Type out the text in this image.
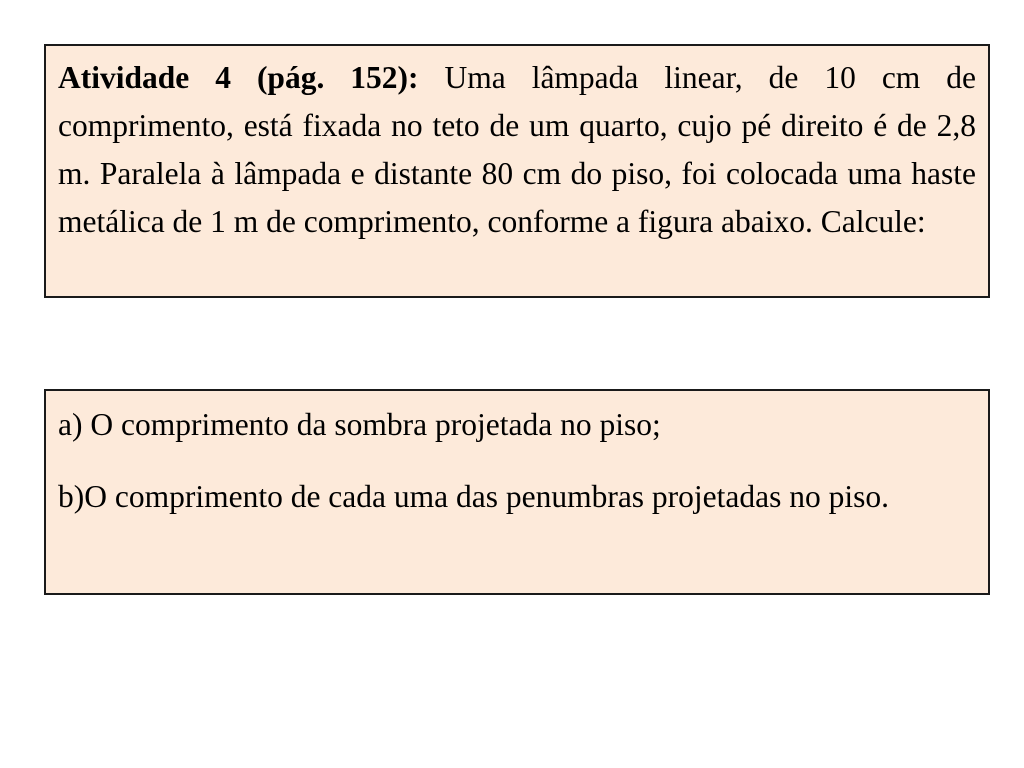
Atividade 4 (pág. 152): Uma lâmpada linear, de 10 cm de comprimento, está fixada no teto de um quarto, cujo pé direito é de 2,8 m. Paralela à lâmpada e distante 80 cm do piso, foi colocada uma haste metálica de 1 m de comprimento, conforme a figura abaixo. Calcule:

a) O comprimento da sombra projetada no piso;

b)O comprimento de cada uma das penumbras projetadas no piso.
